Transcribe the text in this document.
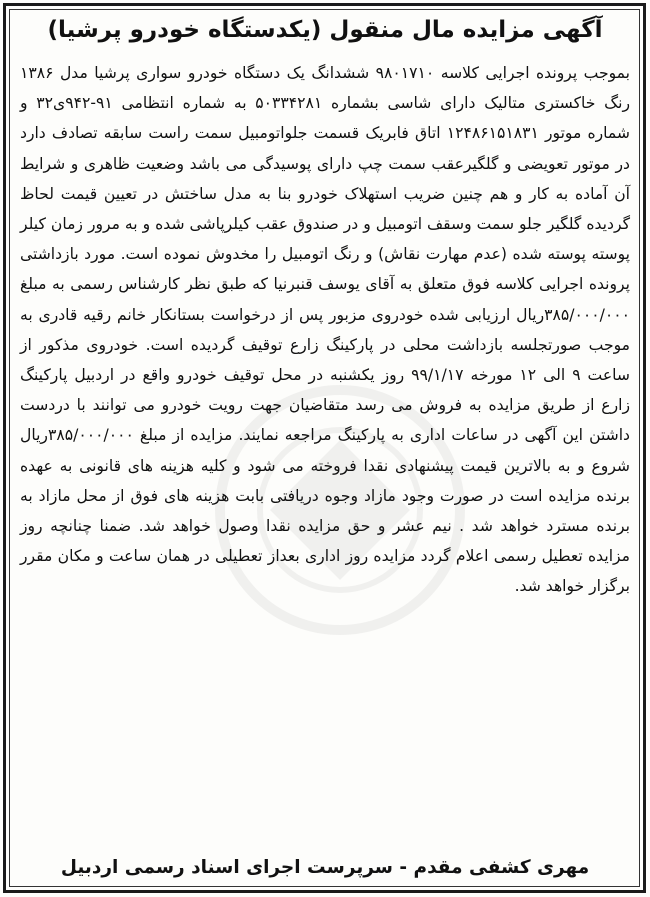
آگهی مزایده مال منقول (یکدستگاه خودرو پرشیا)

بموجب پرونده اجرایی کلاسه ۹۸۰۱۷۱۰ ششدانگ یک دستگاه خودرو سواری پرشیا مدل ۱۳۸۶ رنگ خاکستری متالیک دارای شاسی بشماره ۵۰۳۳۴۲۸۱ به شماره انتظامی ۹۱-۹۴۲ی۳۲ و شماره موتور ۱۲۴۸۶۱۵۱۸۳۱ اتاق فابریک قسمت جلواتومبیل سمت راست سابقه تصادف دارد در موتور تعویضی و گلگیرعقب سمت چپ دارای پوسیدگی می باشد وضعیت ظاهری و شرایط آن آماده به کار و هم چنین ضریب استهلاک خودرو بنا به مدل ساختش در تعیین قیمت لحاظ گردیده گلگیر جلو سمت وسقف اتومبیل و در صندوق عقب کیلرپاشی شده و به مرور زمان کیلر پوسته پوسته شده (عدم مهارت نقاش) و رنگ اتومبیل را مخدوش نموده است. مورد بازداشتی پرونده اجرایی کلاسه فوق متعلق به آقای یوسف قنبرنیا که طبق نظر کارشناس رسمی به مبلغ ۳۸۵/۰۰۰/۰۰۰ریال ارزیابی شده خودروی مزبور پس از درخواست بستانکار خانم رقیه قادری به موجب صورتجلسه بازداشت محلی در پارکینگ زارع توقیف گردیده است. خودروی مذکور از ساعت ۹ الی ۱۲ مورخه ۹۹/۱/۱۷ روز یکشنبه در محل توقیف خودرو واقع در اردبیل پارکینگ زارع از طریق مزایده به فروش می رسد متقاضیان جهت رویت خودرو می توانند با دردست داشتن این آگهی در ساعات اداری به پارکینگ مراجعه نمایند. مزایده از مبلغ ۳۸۵/۰۰۰/۰۰۰ریال شروع و به بالاترین قیمت پیشنهادی نقدا فروخته می شود و کلیه هزینه های قانونی به عهده برنده مزایده است در صورت وجود مازاد وجوه دریافتی بابت هزینه های فوق از محل مازاد به برنده مسترد خواهد شد . نیم عشر و حق مزایده نقدا وصول خواهد شد. ضمنا چنانچه روز مزایده تعطیل رسمی اعلام گردد مزایده روز اداری بعداز تعطیلی در همان ساعت و مکان مقرر برگزار خواهد شد.

مهری کشفی مقدم - سرپرست اجرای اسناد رسمی اردبیل
